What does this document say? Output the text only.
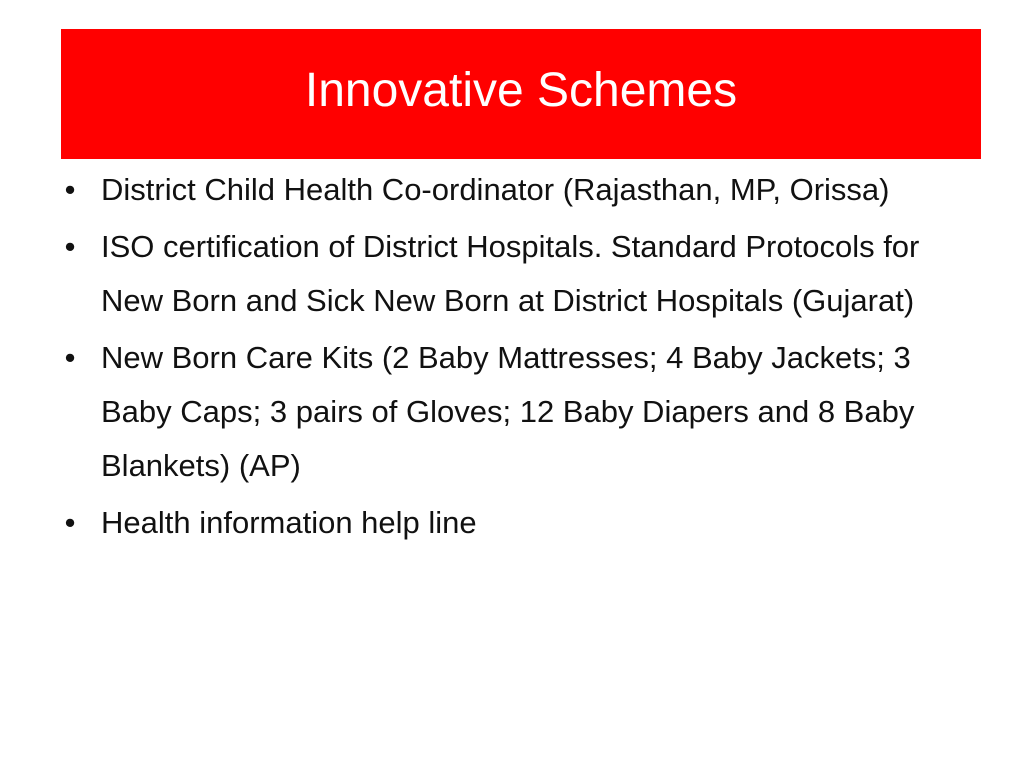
Innovative Schemes
• District Child Health Co-ordinator (Rajasthan, MP, Orissa)
• ISO certification of District Hospitals. Standard Protocols for New Born and Sick New Born at District Hospitals (Gujarat)
• New Born Care Kits (2 Baby Mattresses; 4 Baby Jackets; 3 Baby Caps; 3 pairs of Gloves; 12 Baby Diapers and 8 Baby Blankets) (AP)
• Health information help line
